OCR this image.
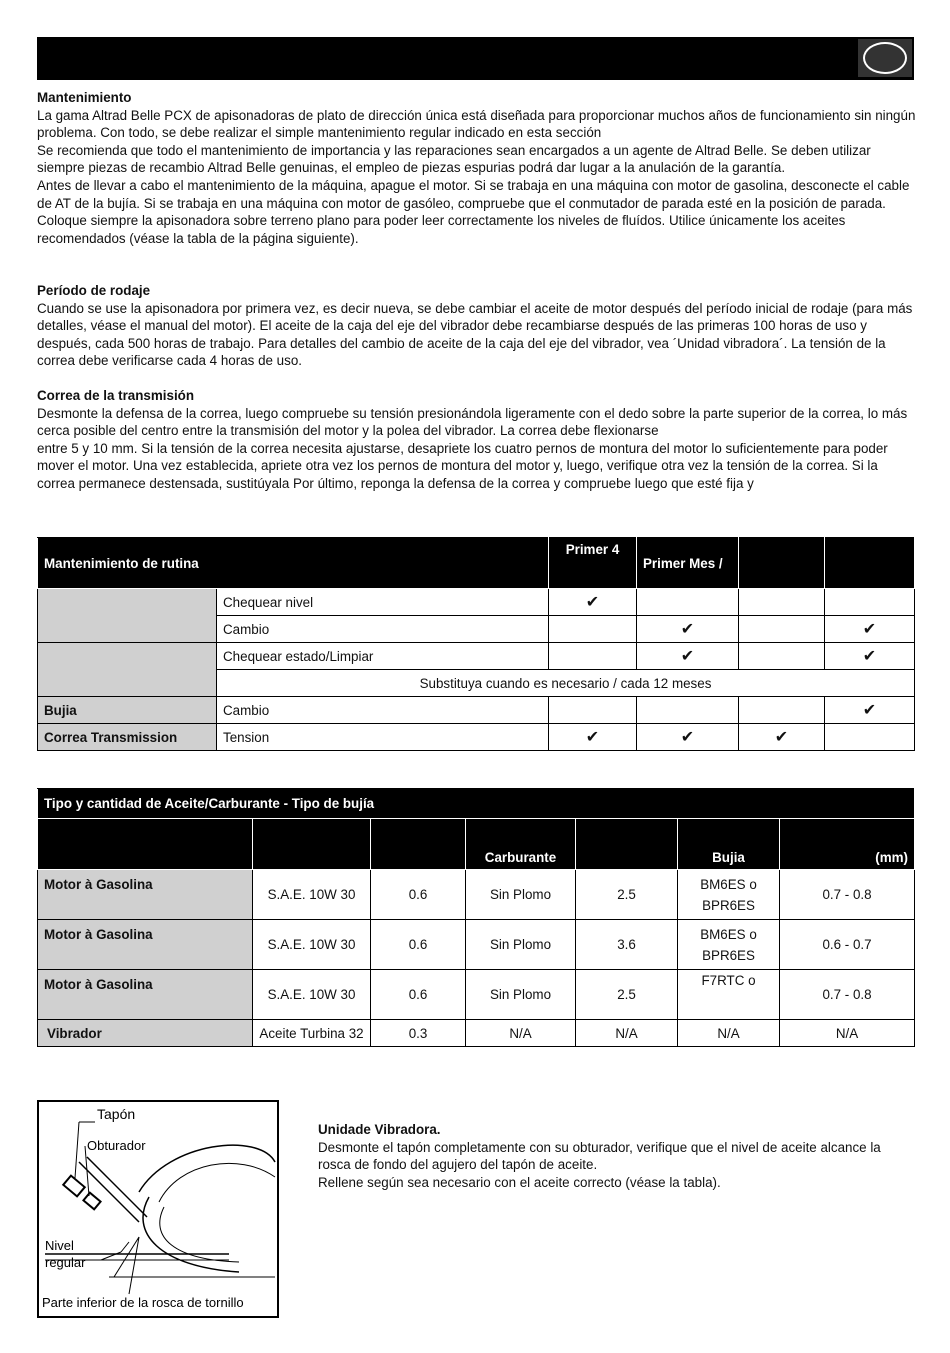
Mantenimiento

La gama Altrad Belle PCX de apisonadoras de plato de dirección única está diseñada para proporcionar muchos años de funcionamiento sin ningún problema. Con todo, se debe realizar el simple mantenimiento regular indicado en esta sección

Se recomienda que todo el mantenimiento de importancia y las reparaciones sean encargados a un agente de Altrad Belle. Se deben utilizar siempre piezas de recambio Altrad Belle genuinas, el empleo de piezas espurias podrá dar lugar a la anulación de la garantía.

Antes de llevar a cabo el mantenimiento de la máquina, apague el motor. Si se trabaja en una máquina con motor de gasolina, desconecte el cable de AT de la bujía. Si se trabaja en una máquina con motor de gasóleo, compruebe que el conmutador de parada esté en la posición de parada.

Coloque siempre la apisonadora sobre terreno plano para poder leer correctamente los niveles de fluídos. Utilice únicamente los aceites recomendados (véase la tabla de la página siguiente).

Período de rodaje

Cuando se use la apisonadora por primera vez, es decir nueva, se debe cambiar el aceite de motor después del período inicial de rodaje (para más detalles, véase el manual del motor). El aceite de la caja del eje del vibrador debe recambiarse después de las primeras 100 horas de uso y después, cada 500 horas de trabajo. Para detalles del cambio de aceite de la caja del eje del vibrador, vea ´Unidad vibradora´. La tensión de la correa debe verificarse cada 4 horas de uso.

Correa de la transmisión

Desmonte la defensa de la correa, luego compruebe su tensión presionándola ligeramente con el dedo sobre la parte superior de la correa, lo más cerca posible del centro entre la transmisión del motor y la polea del vibrador. La correa debe flexionarse

entre 5 y 10 mm. Si la tensión de la correa necesita ajustarse, desapriete los cuatro pernos de montura del motor lo suficientemente para poder mover el motor. Una vez establecida, apriete otra vez los pernos de montura del motor y, luego, verifique otra vez la tensión de la correa. Si la correa permanece destensada, sustitúyala Por último, reponga la defensa de la correa y compruebe luego que esté fija y

Mantenimiento de rutina		Primer 4	Primer Mes /		
	Chequear nivel	✔			
	Cambio		✔		✔
	Chequear estado/Limpiar		✔		✔
	Substituya cuando es necesario / cada 12 meses				
Bujia	Cambio				✔
Correa Transmission	Tension	✔	✔	✔	
Tipo y cantidad de Aceite/Carburante - Tipo de bujía						
			Carburante		Bujia	(mm)
Motor à Gasolina	S.A.E. 10W 30	0.6	Sin Plomo	2.5	BM6ES o
BPR6ES	0.7 - 0.8
Motor à Gasolina	S.A.E. 10W 30	0.6	Sin Plomo	3.6	BM6ES o
BPR6ES	0.6 - 0.7
Motor à Gasolina	S.A.E. 10W 30	0.6	Sin Plomo	2.5	F7RTC o	0.7 - 0.8
Vibrador	Aceite Turbina 32	0.3	N/A	N/A	N/A	N/A
Tapón
Obturador
Nivel
regular
Parte inferior de la rosca de tornillo
Unidade Vibradora.

Desmonte el tapón completamente con su obturador, verifique que el nivel de aceite alcance la rosca de fondo del agujero del tapón de aceite.

Rellene según sea necesario con el aceite correcto (véase la tabla).
